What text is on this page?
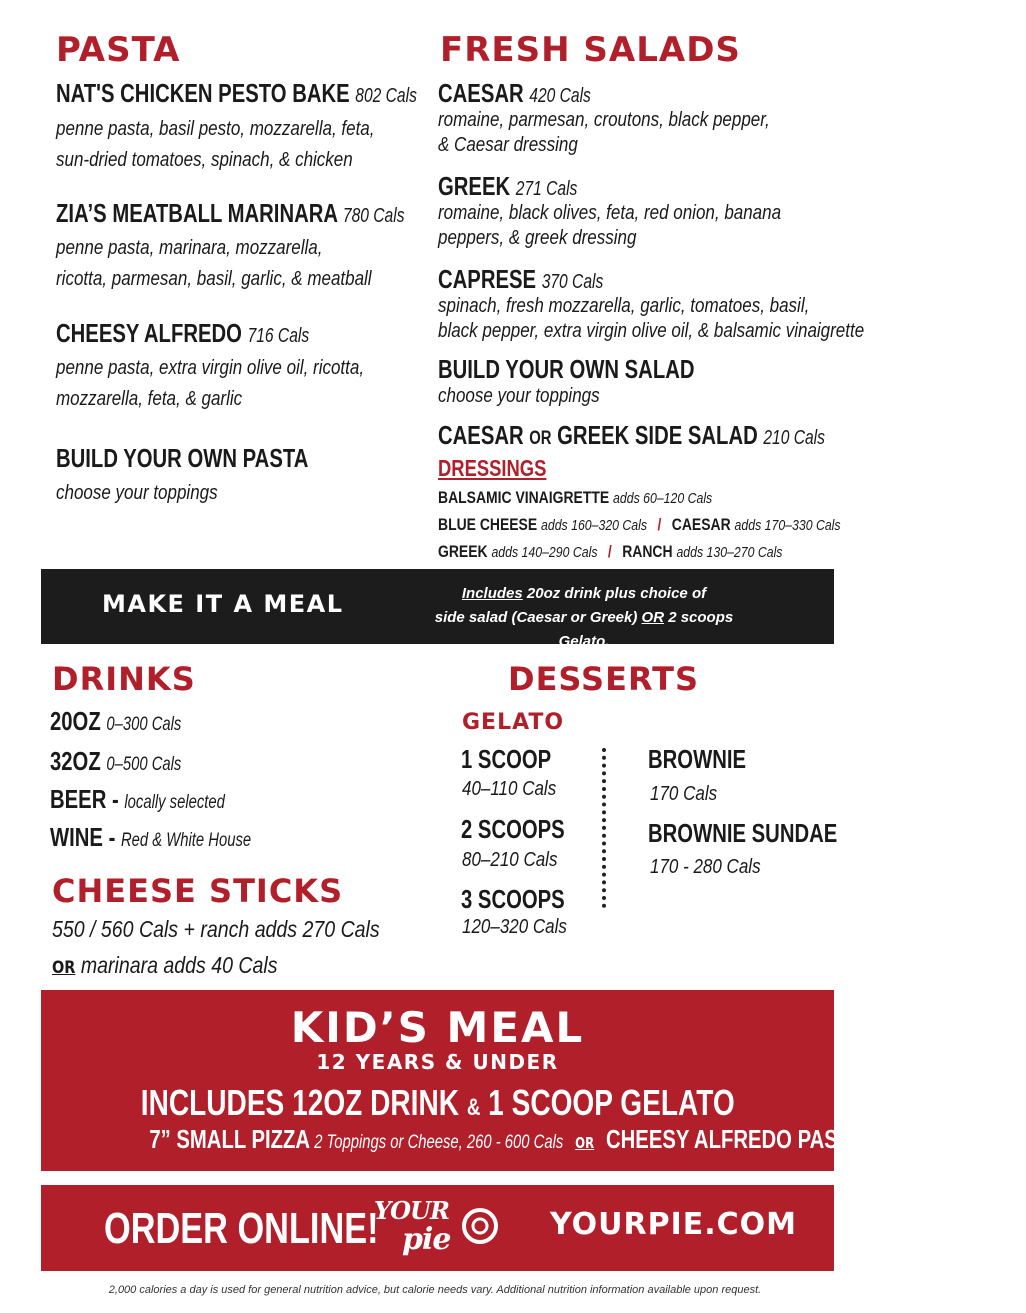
PASTA
NAT'S CHICKEN PESTO BAKE 802 Cals
penne pasta, basil pesto, mozzarella, feta,
sun-dried tomatoes, spinach, & chicken
ZIA’S MEATBALL MARINARA 780 Cals
penne pasta, marinara, mozzarella,
ricotta, parmesan, basil, garlic, & meatball
CHEESY ALFREDO 716 Cals
penne pasta, extra virgin olive oil, ricotta,
mozzarella, feta, & garlic
BUILD YOUR OWN PASTA
choose your toppings
FRESH SALADS
CAESAR 420 Cals
romaine, parmesan, croutons, black pepper,
& Caesar dressing
GREEK 271 Cals
romaine, black olives, feta, red onion, banana
peppers, & greek dressing
CAPRESE 370 Cals
spinach, fresh mozzarella, garlic, tomatoes, basil,
black pepper, extra virgin olive oil, & balsamic vinaigrette
BUILD YOUR OWN SALAD
choose your toppings
CAESAR OR GREEK SIDE SALAD 210 Cals
DRESSINGS
BALSAMIC VINAIGRETTE adds 60–120 Cals
BLUE CHEESE adds 160–320 Cals / CAESAR adds 170–330 Cals
GREEK adds 140–290 Cals / RANCH adds 130–270 Cals
MAKE IT A MEAL	Includes 20oz drink plus choice of
side salad (Caesar or Greek) OR 2 scoops Gelato.
DRINKS
20OZ 0–300 Cals
32OZ 0–500 Cals
BEER - locally selected
WINE - Red & White House
CHEESE STICKS
550 / 560 Cals + ranch adds 270 Cals
OR marinara adds 40 Cals
DESSERTS
GELATO
1 SCOOP
40–110 Cals
2 SCOOPS
80–210 Cals
3 SCOOPS
120–320 Cals
BROWNIE
170 Cals
BROWNIE SUNDAE
170 - 280 Cals
KID’S MEAL
12 YEARS & UNDER
INCLUDES 12OZ DRINK & 1 SCOOP GELATO
7” SMALL PIZZA 2 Toppings or Cheese, 260 - 600 Cals OR CHEESY ALFREDO PASTA 420 Cals
ORDER ONLINE!
YOUR
pie	YOURPIE.COM
2,000 calories a day is used for general nutrition advice, but calorie needs vary. Additional nutrition information available upon request.
